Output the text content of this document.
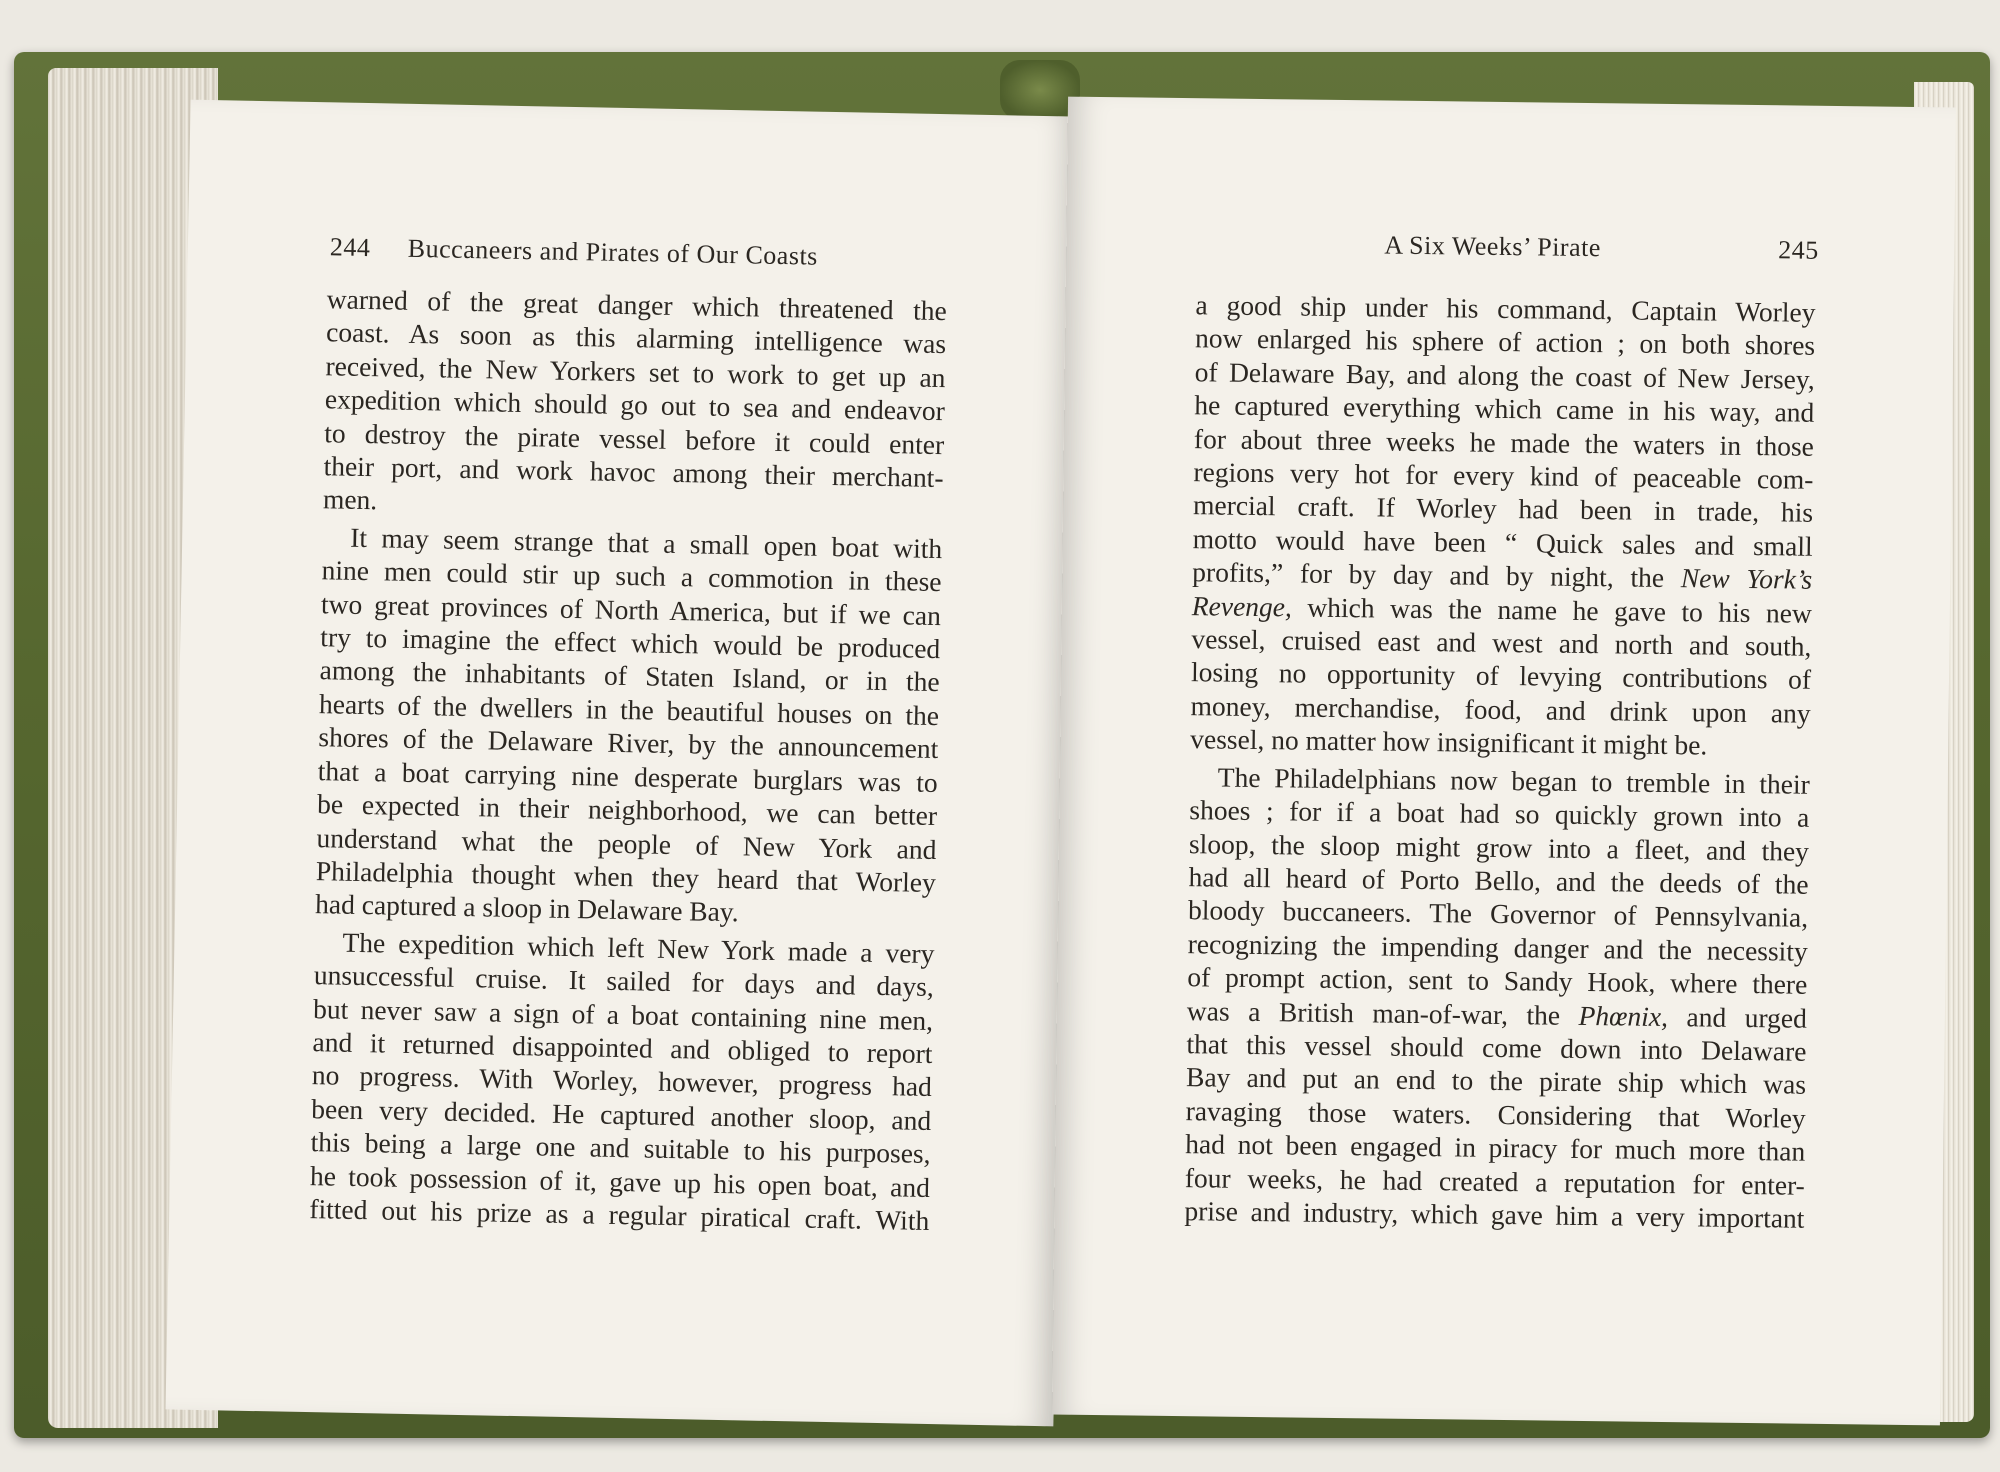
244 Buccaneers and Pirates of Our Coasts
warned of the great danger which threatened the
coast. As soon as this alarming intelligence was
received, the New Yorkers set to work to get up an
expedition which should go out to sea and endeavor
to destroy the pirate vessel before it could enter
their port, and work havoc among their merchant-
men.
It may seem strange that a small open boat with
nine men could stir up such a commotion in these
two great provinces of North America, but if we can
try to imagine the effect which would be produced
among the inhabitants of Staten Island, or in the
hearts of the dwellers in the beautiful houses on the
shores of the Delaware River, by the announcement
that a boat carrying nine desperate burglars was to
be expected in their neighborhood, we can better
understand what the people of New York and
Philadelphia thought when they heard that Worley
had captured a sloop in Delaware Bay.
The expedition which left New York made a very
unsuccessful cruise. It sailed for days and days,
but never saw a sign of a boat containing nine men,
and it returned disappointed and obliged to report
no progress. With Worley, however, progress had
been very decided. He captured another sloop, and
this being a large one and suitable to his purposes,
he took possession of it, gave up his open boat, and
fitted out his prize as a regular piratical craft. With
A Six Weeks’ Pirate	245
a good ship under his command, Captain Worley
now enlarged his sphere of action ; on both shores
of Delaware Bay, and along the coast of New Jersey,
he captured everything which came in his way, and
for about three weeks he made the waters in those
regions very hot for every kind of peaceable com-
mercial craft. If Worley had been in trade, his
motto would have been “ Quick sales and small
profits,” for by day and by night, the New York’s
Revenge, which was the name he gave to his new
vessel, cruised east and west and north and south,
losing no opportunity of levying contributions of
money, merchandise, food, and drink upon any
vessel, no matter how insignificant it might be.
The Philadelphians now began to tremble in their
shoes ; for if a boat had so quickly grown into a
sloop, the sloop might grow into a fleet, and they
had all heard of Porto Bello, and the deeds of the
bloody buccaneers. The Governor of Pennsylvania,
recognizing the impending danger and the necessity
of prompt action, sent to Sandy Hook, where there
was a British man-of-war, the Phœnix, and urged
that this vessel should come down into Delaware
Bay and put an end to the pirate ship which was
ravaging those waters. Considering that Worley
had not been engaged in piracy for much more than
four weeks, he had created a reputation for enter-
prise and industry, which gave him a very important
